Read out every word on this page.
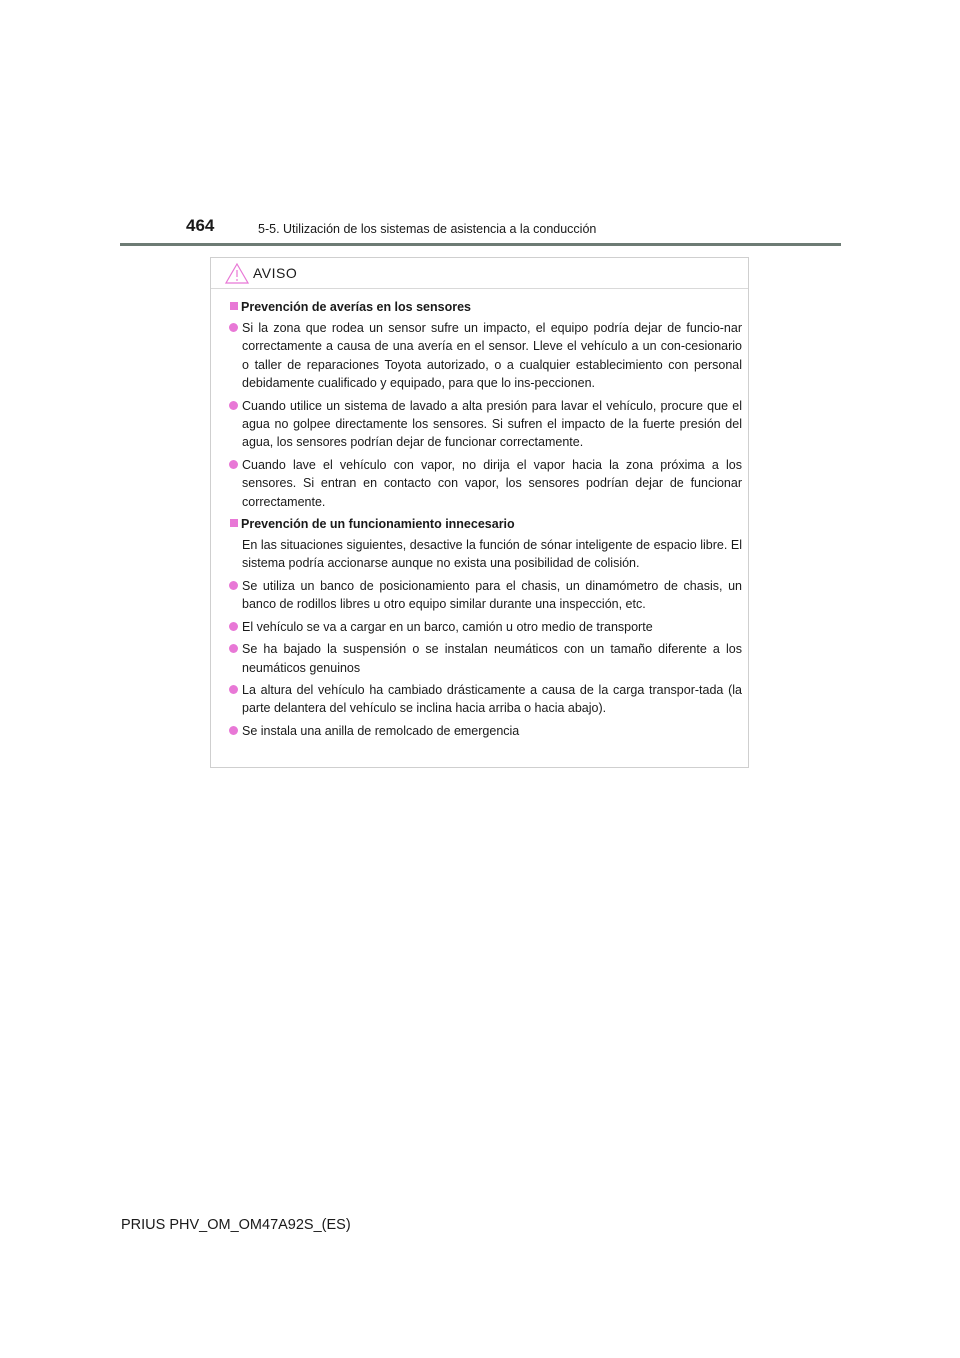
464	5-5. Utilización de los sistemas de asistencia a la conducción
AVISO
Prevención de averías en los sensores
Si la zona que rodea un sensor sufre un impacto, el equipo podría dejar de funcio-nar correctamente a causa de una avería en el sensor. Lleve el vehículo a un con-cesionario o taller de reparaciones Toyota autorizado, o a cualquier establecimiento con personal debidamente cualificado y equipado, para que lo ins-peccionen.
Cuando utilice un sistema de lavado a alta presión para lavar el vehículo, procure que el agua no golpee directamente los sensores. Si sufren el impacto de la fuerte presión del agua, los sensores podrían dejar de funcionar correctamente.
Cuando lave el vehículo con vapor, no dirija el vapor hacia la zona próxima a los sensores. Si entran en contacto con vapor, los sensores podrían dejar de funcionar correctamente.
Prevención de un funcionamiento innecesario
En las situaciones siguientes, desactive la función de sónar inteligente de espacio libre. El sistema podría accionarse aunque no exista una posibilidad de colisión.
Se utiliza un banco de posicionamiento para el chasis, un dinamómetro de chasis, un banco de rodillos libres u otro equipo similar durante una inspección, etc.
El vehículo se va a cargar en un barco, camión u otro medio de transporte
Se ha bajado la suspensión o se instalan neumáticos con un tamaño diferente a los neumáticos genuinos
La altura del vehículo ha cambiado drásticamente a causa de la carga transpor-tada (la parte delantera del vehículo se inclina hacia arriba o hacia abajo).
Se instala una anilla de remolcado de emergencia
PRIUS PHV_OM_OM47A92S_(ES)
